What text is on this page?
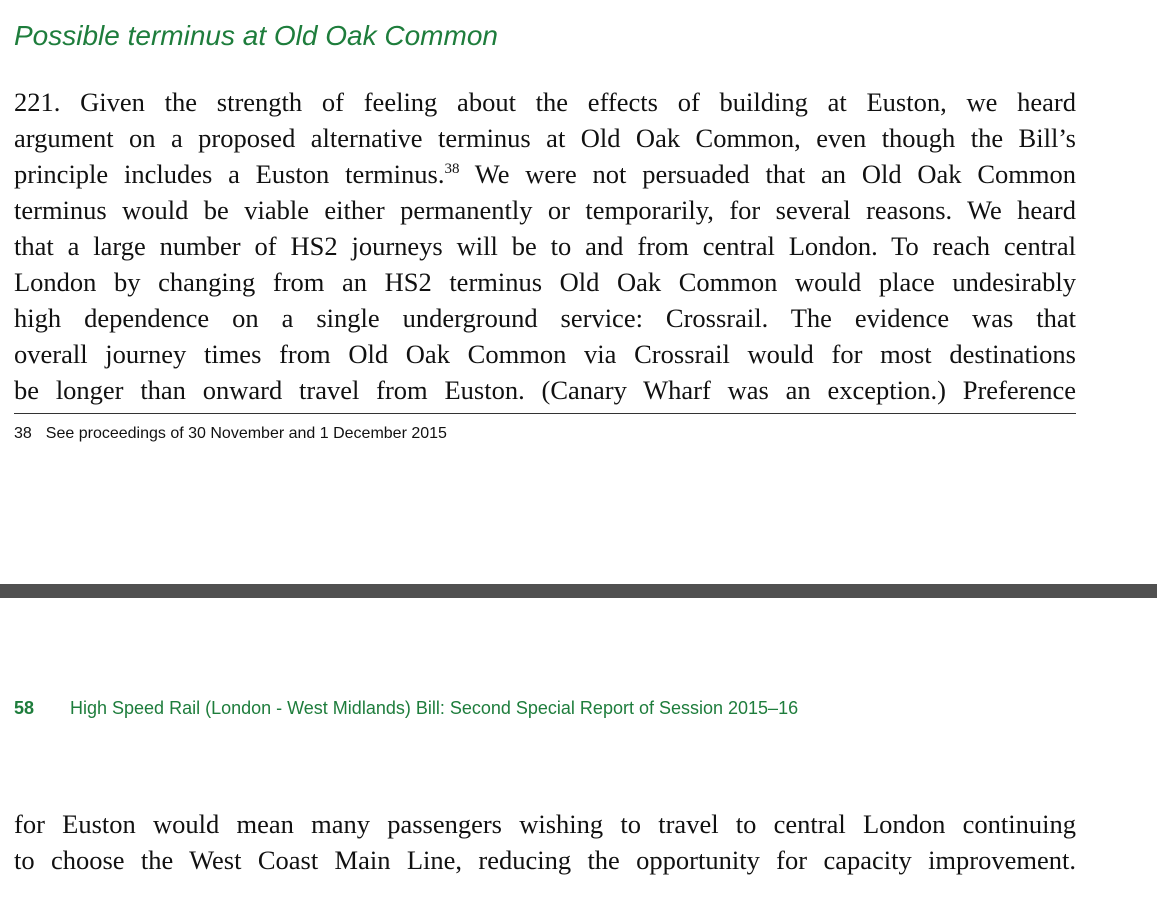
Possible terminus at Old Oak Common
221. Given the strength of feeling about the effects of building at Euston, we heard
argument on a proposed alternative terminus at Old Oak Common, even though the Bill’s
principle includes a Euston terminus.$^{38}$ We were not persuaded that an Old Oak Common
terminus would be viable either permanently or temporarily, for several reasons. We heard
that a large number of HS2 journeys will be to and from central London. To reach central
London by changing from an HS2 terminus Old Oak Common would place undesirably
high dependence on a single underground service: Crossrail. The evidence was that
overall journey times from Old Oak Common via Crossrail would for most destinations
be longer than onward travel from Euston. (Canary Wharf was an exception.) Preference
38 See proceedings of 30 November and 1 December 2015
58 High Speed Rail (London - West Midlands) Bill: Second Special Report of Session 2015–16
for Euston would mean many passengers wishing to travel to central London continuing
to choose the West Coast Main Line, reducing the opportunity for capacity improvement.
